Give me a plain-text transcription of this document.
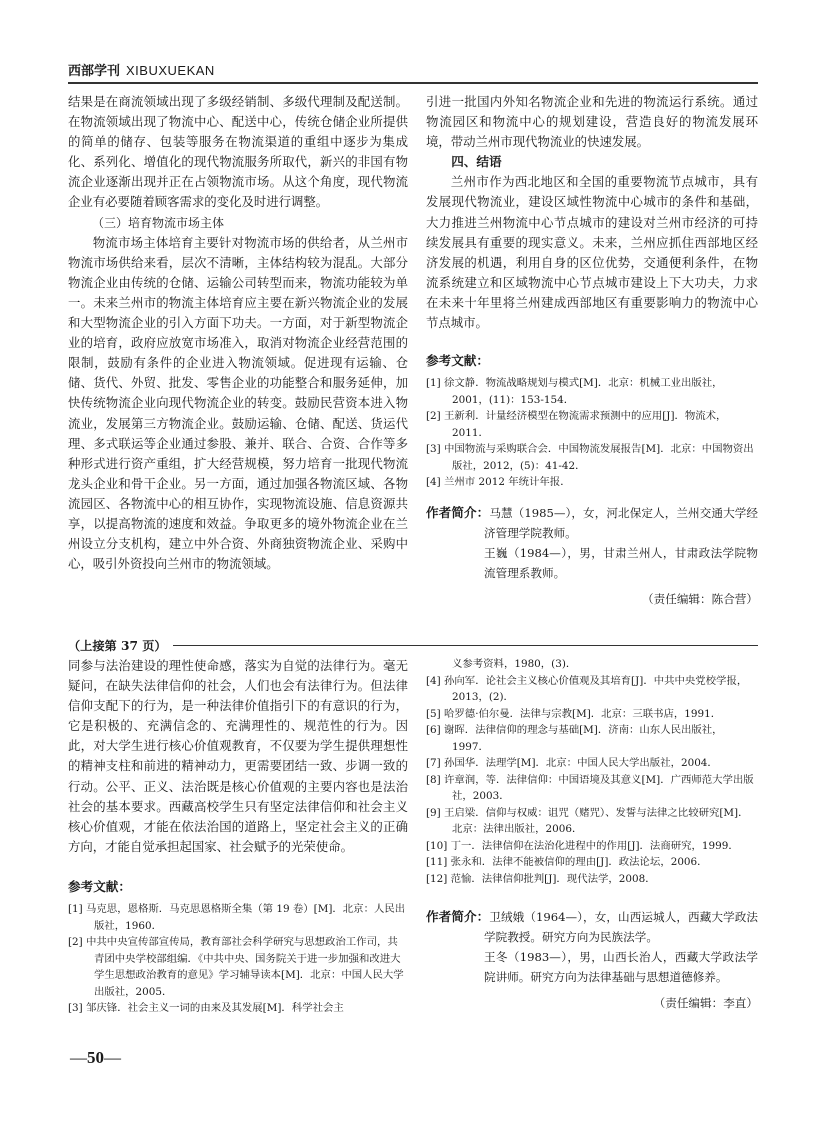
西部学刊 XIBUXUEKAN

结果是在商流领域出现了多级经销制、多级代理制及配送制。在物流领域出现了物流中心、配送中心，传统仓储企业所提供的简单的储存、包装等服务在物流渠道的重组中逐步为集成化、系列化、增值化的现代物流服务所取代，新兴的非国有物流企业逐渐出现并正在占领物流市场。从这个角度，现代物流企业有必要随着顾客需求的变化及时进行调整。

（三）培育物流市场主体

物流市场主体培育主要针对物流市场的供给者，从兰州市物流市场供给来看，层次不清晰，主体结构较为混乱。大部分物流企业由传统的仓储、运输公司转型而来，物流功能较为单一。未来兰州市的物流主体培育应主要在新兴物流企业的发展和大型物流企业的引入方面下功夫。一方面，对于新型物流企业的培育，政府应放宽市场准入，取消对物流企业经营范围的限制，鼓励有条件的企业进入物流领域。促进现有运输、仓储、货代、外贸、批发、零售企业的功能整合和服务延伸，加快传统物流企业向现代物流企业的转变。鼓励民营资本进入物流业，发展第三方物流企业。鼓励运输、仓储、配送、货运代理、多式联运等企业通过参股、兼并、联合、合资、合作等多种形式进行资产重组，扩大经营规模，努力培育一批现代物流龙头企业和骨干企业。另一方面，通过加强各物流区域、各物流园区、各物流中心的相互协作，实现物流设施、信息资源共享，以提高物流的速度和效益。争取更多的境外物流企业在兰州设立分支机构，建立中外合资、外商独资物流企业、采购中心，吸引外资投向兰州市的物流领域。

引进一批国内外知名物流企业和先进的物流运行系统。通过物流园区和物流中心的规划建设，营造良好的物流发展环境，带动兰州市现代物流业的快速发展。

四、结语

兰州市作为西北地区和全国的重要物流节点城市，具有发展现代物流业，建设区域性物流中心城市的条件和基础，大力推进兰州物流中心节点城市的建设对兰州市经济的可持续发展具有重要的现实意义。未来，兰州应抓住西部地区经济发展的机遇，利用自身的区位优势，交通便利条件，在物流系统建立和区域物流中心节点城市建设上下大功夫，力求在未来十年里将兰州建成西部地区有重要影响力的物流中心节点城市。

参考文献：
[1] 徐文静．物流战略规划与模式[M]．北京：机械工业出版社，2001，(11)：153-154．
[2] 王新利．计量经济模型在物流需求预测中的应用[J]．物流术，2011．
[3] 中国物流与采购联合会．中国物流发展报告[M]．北京：中国物资出版社，2012，(5)：41-42．
[4] 兰州市 2012 年统计年报．
作者简介：马慧（1985—），女，河北保定人，兰州交通大学经济管理学院教师。
王巍（1984—），男，甘肃兰州人，甘肃政法学院物流管理系教师。
（责任编辑：陈合营）
（上接第 37 页）

同参与法治建设的理性使命感，落实为自觉的法律行为。毫无疑问，在缺失法律信仰的社会，人们也会有法律行为。但法律信仰支配下的行为，是一种法律价值指引下的有意识的行为，它是积极的、充满信念的、充满理性的、规范性的行为。因此，对大学生进行核心价值观教育，不仅要为学生提供理想性的精神支柱和前进的精神动力，更需要团结一致、步调一致的行动。公平、正义、法治既是核心价值观的主要内容也是法治社会的基本要求。西藏高校学生只有坚定法律信仰和社会主义核心价值观，才能在依法治国的道路上，坚定社会主义的正确方向，才能自觉承担起国家、社会赋予的光荣使命。

参考文献：
[1] 马克思，恩格斯．马克思恩格斯全集（第 19 卷）[M]．北京：人民出版社，1960．
[2] 中共中央宣传部宣传局，教育部社会科学研究与思想政治工作司，共青团中央学校部组编．《中共中央、国务院关于进一步加强和改进大学生思想政治教育的意见》学习辅导读本[M]．北京：中国人民大学出版社，2005．
[3] 邹庆锋．社会主义一词的由来及其发展[M]．科学社会主
义参考资料，1980，(3)．
[4] 孙向军．论社会主义核心价值观及其培育[J]．中共中央党校学报，2013，(2)．
[5] 哈罗德·伯尔曼．法律与宗教[M]．北京：三联书店，1991．
[6] 谢晖．法律信仰的理念与基础[M]．济南：山东人民出版社，1997．
[7] 孙国华．法理学[M]．北京：中国人民大学出版社，2004．
[8] 许章润，等．法律信仰：中国语境及其意义[M]．广西师范大学出版社，2003．
[9] 王启梁．信仰与权威：诅咒（赌咒）、发誓与法律之比较研究[M]．北京：法律出版社，2006．
[10] 丁一．法律信仰在法治化进程中的作用[J]．法商研究，1999．
[11] 张永和．法律不能被信仰的理由[J]．政法论坛，2006．
[12] 范愉．法律信仰批判[J]．现代法学，2008．
作者简介：卫绒娥（1964—），女，山西运城人，西藏大学政法学院教授。研究方向为民族法学。
王冬（1983—），男，山西长治人，西藏大学政法学院讲师。研究方向为法律基础与思想道德修养。
（责任编辑：李直）
—50—
